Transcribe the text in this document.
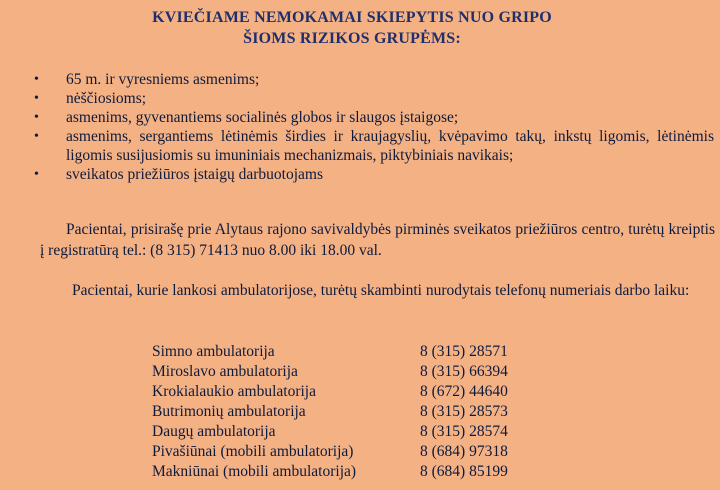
KVIEČIAME NEMOKAMAI SKIEPYTIS NUO GRIPO
ŠIOMS RIZIKOS GRUPĖMS:
• 65 m. ir vyresniems asmenims;
• nėščiosioms;
• asmenims, gyvenantiems socialinės globos ir slaugos įstaigose;
• asmenims, sergantiems lėtinėmis širdies ir kraujagyslių, kvėpavimo takų, inkstų ligomis, lėtinėmis ligomis susijusiomis su imuniniais mechanizmais, piktybiniais navikais;
• sveikatos priežiūros įstaigų darbuotojams

Pacientai, prisirašę prie Alytaus rajono savivaldybės pirminės sveikatos priežiūros centro, turėtų kreiptis į registratūrą tel.: (8 315) 71413 nuo 8.00 iki 18.00 val.

Pacientai, kurie lankosi ambulatorijose, turėtų skambinti nurodytais telefonų numeriais darbo laiku:

Simno ambulatorija	8 (315) 28571
Miroslavo ambulatorija	8 (315) 66394
Krokialaukio ambulatorija	8 (672) 44640
Butrimonių ambulatorija	8 (315) 28573
Daugų ambulatorija	8 (315) 28574
Pivašiūnai (mobili ambulatorija)	8 (684) 97318
Makniūnai (mobili ambulatorija)	8 (684) 85199
